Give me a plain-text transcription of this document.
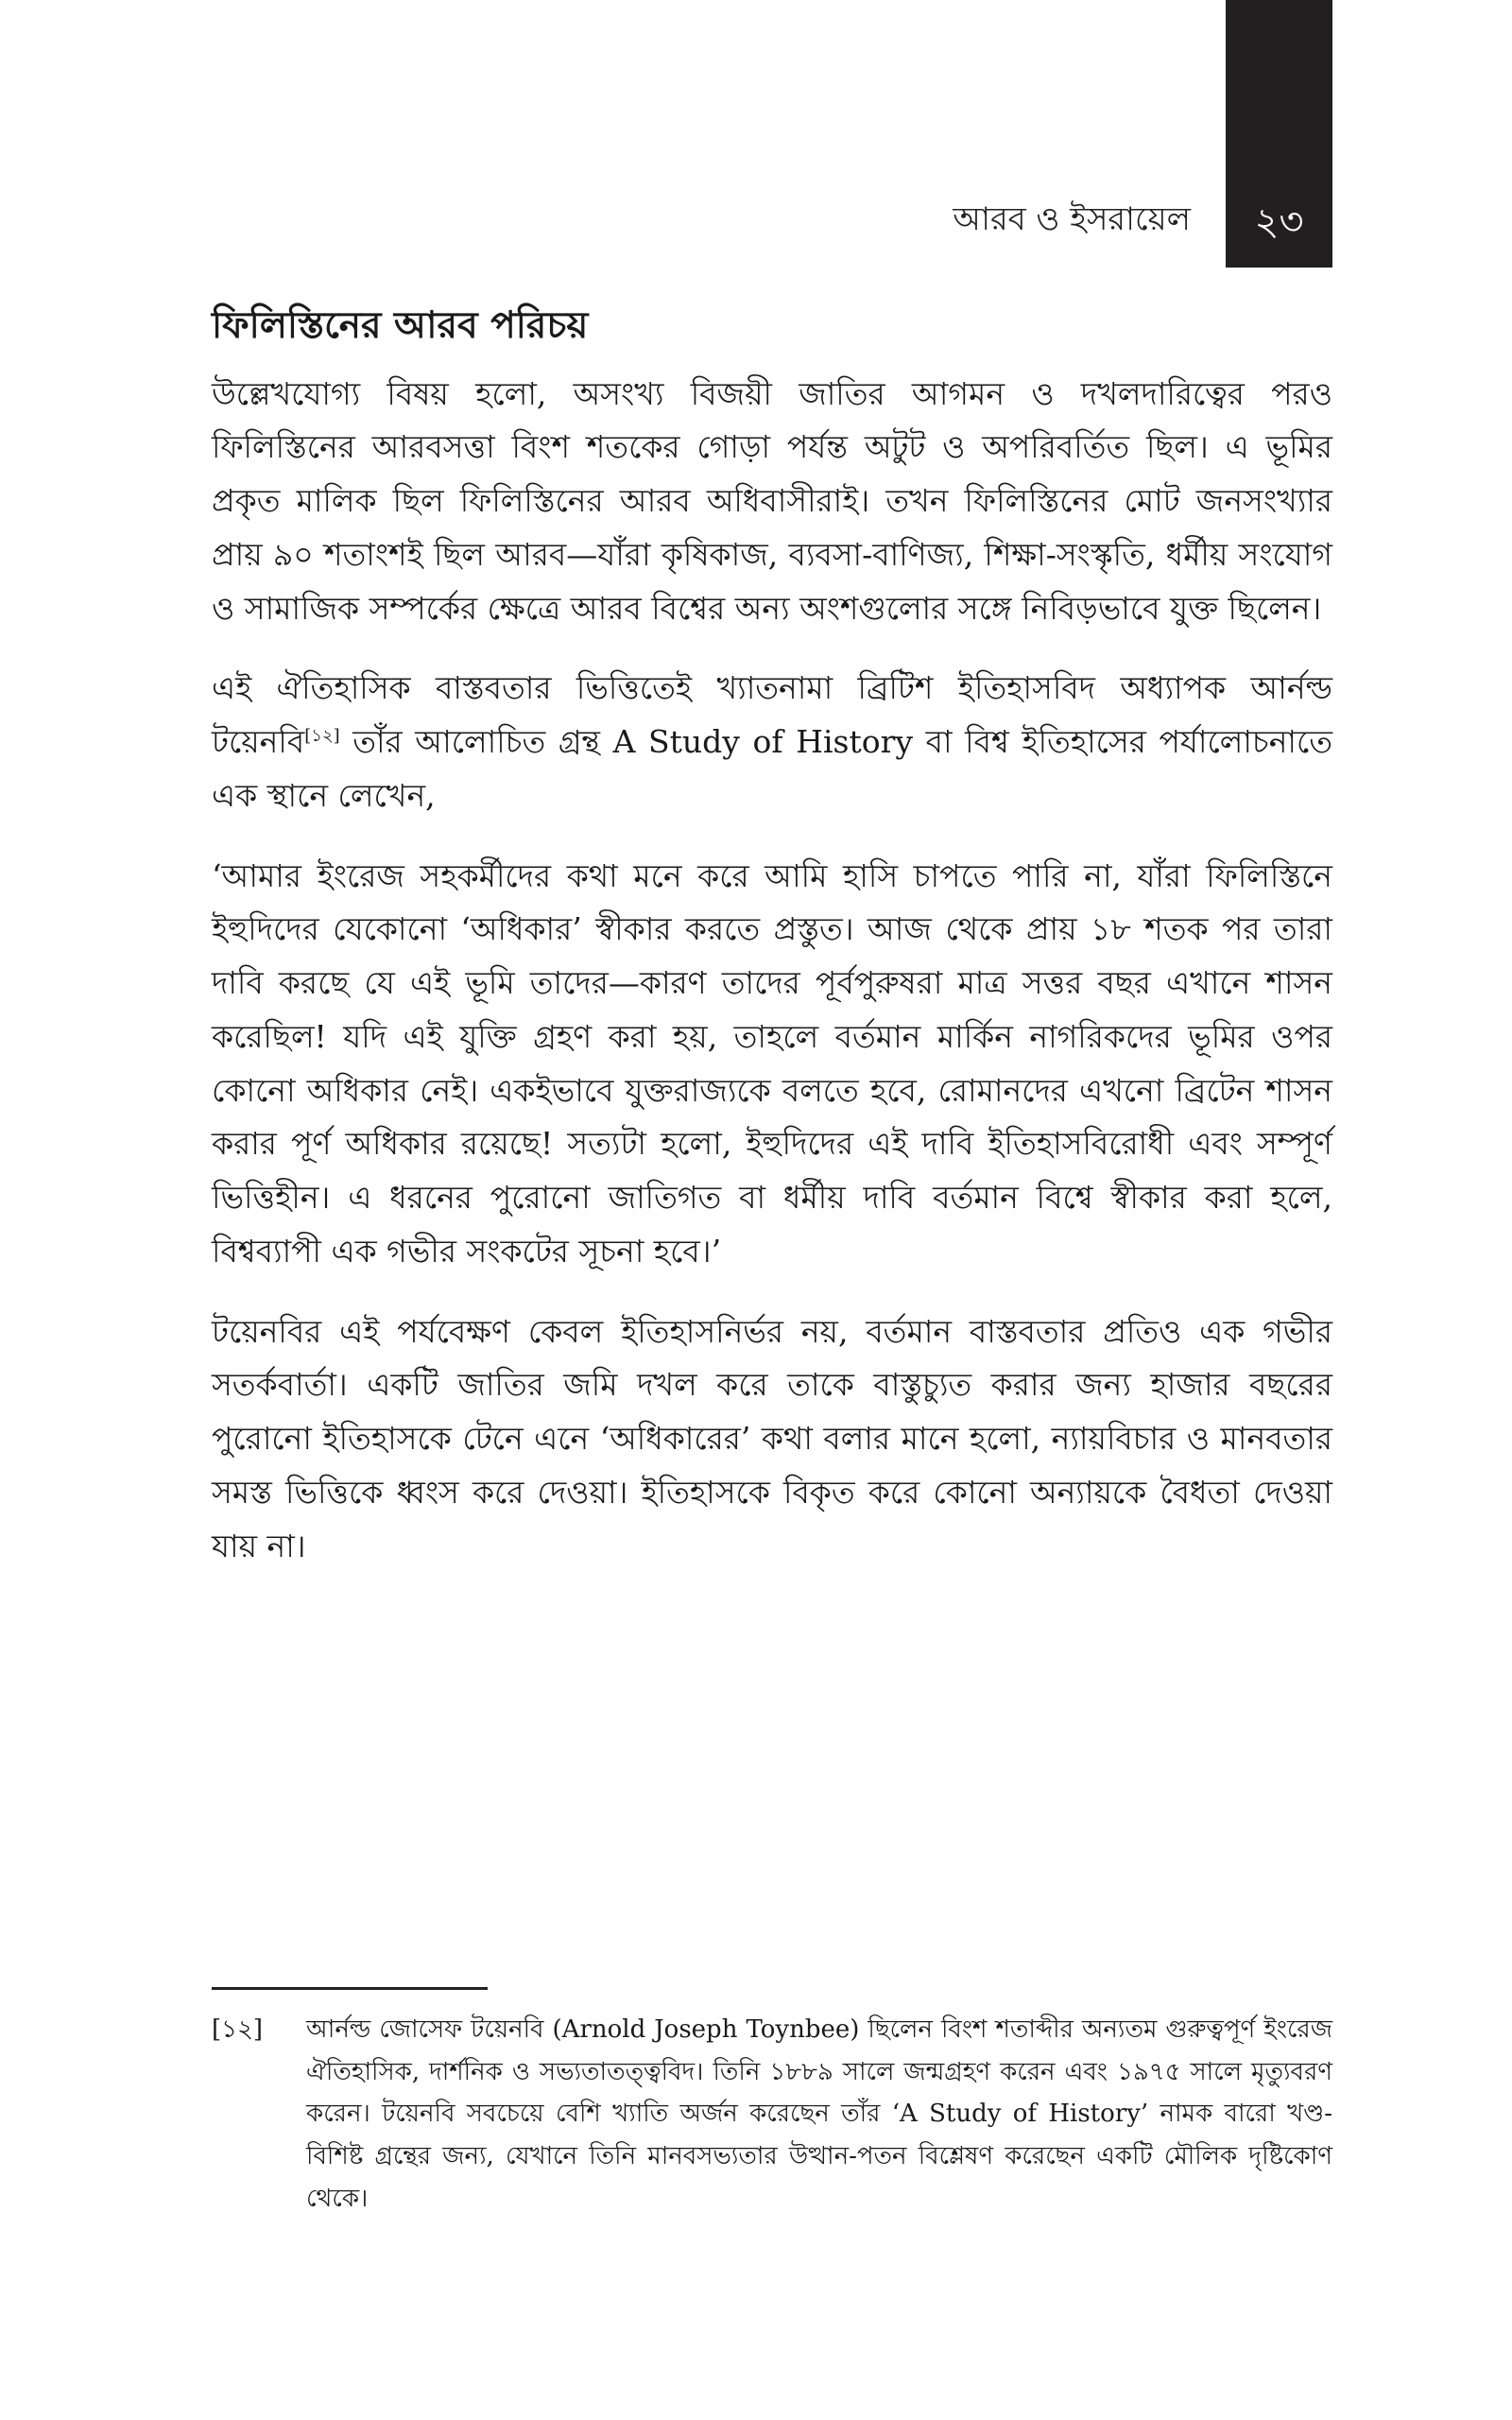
২৩
আরব ও ইসরায়েল
ফিলিস্তিনের আরব পরিচয়

উল্লেখযোগ্য বিষয় হলো, অসংখ্য বিজয়ী জাতির আগমন ও দখলদারিত্বের পরও ফিলিস্তিনের আরবসত্তা বিংশ শতকের গোড়া পর্যন্ত অটুট ও অপরিবর্তিত ছিল। এ ভূমির প্রকৃত মালিক ছিল ফিলিস্তিনের আরব অধিবাসীরাই। তখন ফিলিস্তিনের মোট জনসংখ্যার প্রায় ৯০ শতাংশই ছিল আরব—যাঁরা কৃষিকাজ, ব্যবসা-বাণিজ্য, শিক্ষা-সংস্কৃতি, ধর্মীয় সংযোগ ও সামাজিক সম্পর্কের ক্ষেত্রে আরব বিশ্বের অন্য অংশগুলোর সঙ্গে নিবিড়ভাবে যুক্ত ছিলেন।

এই ঐতিহাসিক বাস্তবতার ভিত্তিতেই খ্যাতনামা ব্রিটিশ ইতিহাসবিদ অধ্যাপক আর্নল্ড টয়েনবি[১২] তাঁর আলোচিত গ্রন্থ A Study of History বা বিশ্ব ইতিহাসের পর্যালোচনাতে এক স্থানে লেখেন,

‘আমার ইংরেজ সহকর্মীদের কথা মনে করে আমি হাসি চাপতে পারি না, যাঁরা ফিলিস্তিনে ইহুদিদের যেকোনো ‘অধিকার’ স্বীকার করতে প্রস্তুত। আজ থেকে প্রায় ১৮ শতক পর তারা দাবি করছে যে এই ভূমি তাদের—কারণ তাদের পূর্বপুরুষরা মাত্র সত্তর বছর এখানে শাসন করেছিল! যদি এই যুক্তি গ্রহণ করা হয়, তাহলে বর্তমান মার্কিন নাগরিকদের ভূমির ওপর কোনো অধিকার নেই। একইভাবে যুক্তরাজ্যকে বলতে হবে, রোমানদের এখনো ব্রিটেন শাসন করার পূর্ণ অধিকার রয়েছে! সত্যটা হলো, ইহুদিদের এই দাবি ইতিহাসবিরোধী এবং সম্পূর্ণ ভিত্তিহীন। এ ধরনের পুরোনো জাতিগত বা ধর্মীয় দাবি বর্তমান বিশ্বে স্বীকার করা হলে, বিশ্বব্যাপী এক গভীর সংকটের সূচনা হবে।’

টয়েনবির এই পর্যবেক্ষণ কেবল ইতিহাসনির্ভর নয়, বর্তমান বাস্তবতার প্রতিও এক গভীর সতর্কবার্তা। একটি জাতির জমি দখল করে তাকে বাস্তুচ্যুত করার জন্য হাজার বছরের পুরোনো ইতিহাসকে টেনে এনে ‘অধিকারের’ কথা বলার মানে হলো, ন্যায়বিচার ও মানবতার সমস্ত ভিত্তিকে ধ্বংস করে দেওয়া। ইতিহাসকে বিকৃত করে কোনো অন্যায়কে বৈধতা দেওয়া যায় না।

[১২]	আর্নল্ড জোসেফ টয়েনবি (Arnold Joseph Toynbee) ছিলেন বিংশ শতাব্দীর অন্যতম গুরুত্বপূর্ণ ইংরেজ ঐতিহাসিক, দার্শনিক ও সভ্যতাতত্ত্ববিদ। তিনি ১৮৮৯ সালে জন্মগ্রহণ করেন এবং ১৯৭৫ সালে মৃত্যুবরণ করেন। টয়েনবি সবচেয়ে বেশি খ্যাতি অর্জন করেছেন তাঁর ‘A Study of History’ নামক বারো খণ্ড-বিশিষ্ট গ্রন্থের জন্য, যেখানে তিনি মানবসভ্যতার উত্থান-পতন বিশ্লেষণ করেছেন একটি মৌলিক দৃষ্টিকোণ থেকে।
